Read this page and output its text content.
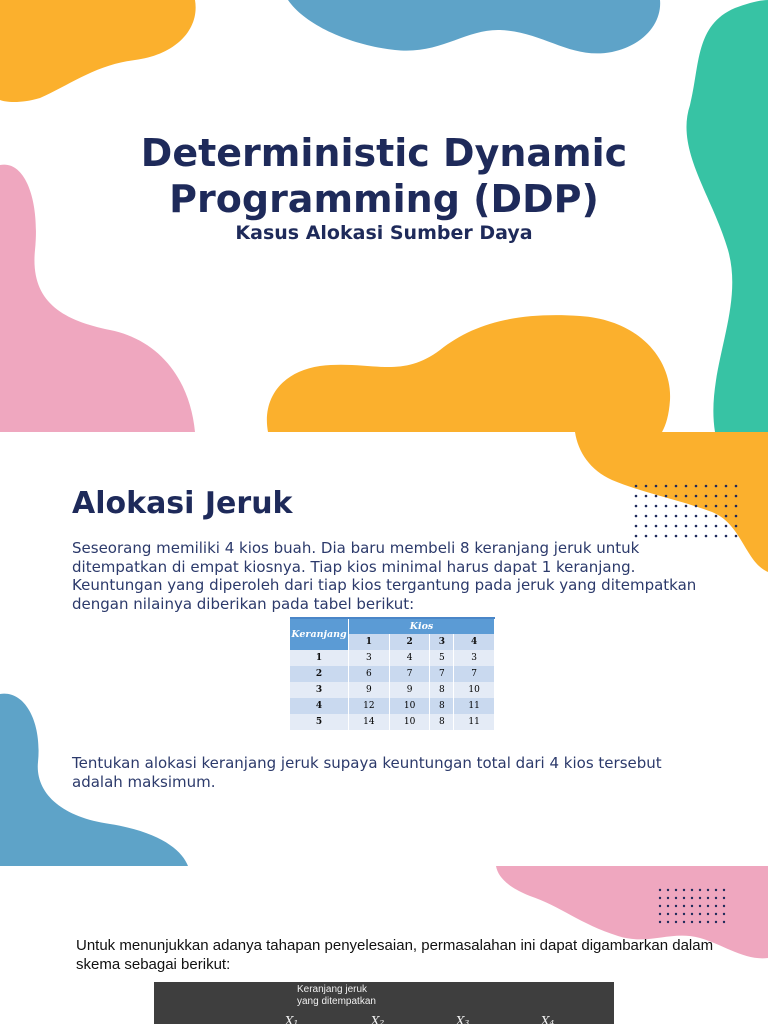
Deterministic Dynamic
Programming (DDP)

Kasus Alokasi Sumber Daya

Alokasi Jeruk

Seseorang memiliki 4 kios buah. Dia baru membeli 8 keranjang jeruk untuk
ditempatkan di empat kiosnya. Tiap kios minimal harus dapat 1 keranjang.
Keuntungan yang diperoleh dari tiap kios tergantung pada jeruk yang ditempatkan
dengan nilainya diberikan pada tabel berikut:

Keranjang	Kios			
	1	2	3	4
1	3	4	5	3
2	6	7	7	7
3	9	9	8	10
4	12	10	8	11
5	14	10	8	11

Tentukan alokasi keranjang jeruk supaya keuntungan total dari 4 kios tersebut
adalah maksimum.

Untuk menunjukkan adanya tahapan penyelesaian, permasalahan ini dapat digambarkan dalam
skema sebagai berikut:

Keranjang jeruk
yang ditempatkan
X₁	X₂	X₃	X₄
